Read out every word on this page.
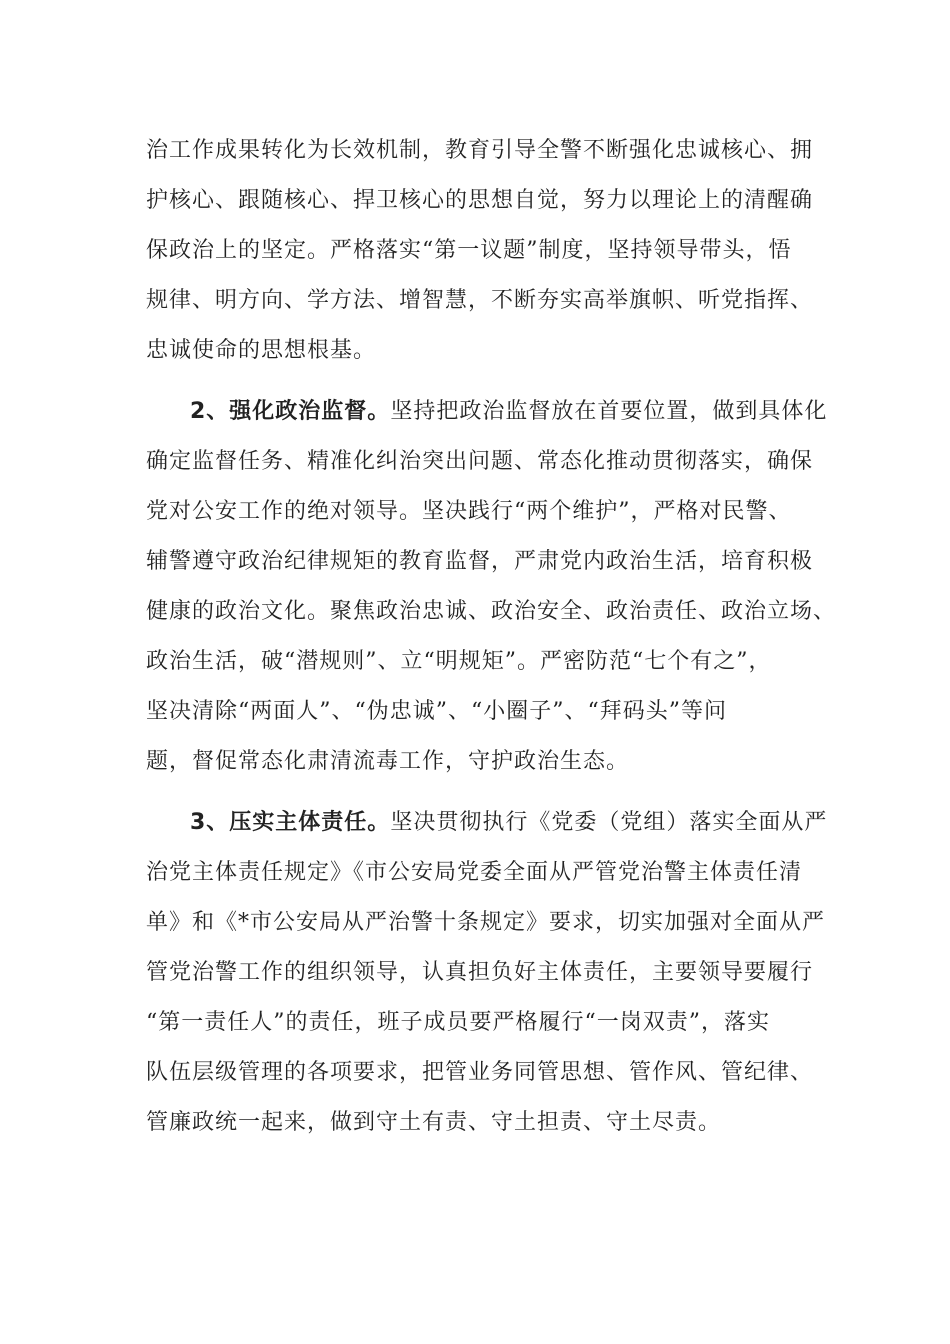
治工作成果转化为长效机制，教育引导全警不断强化忠诚核心、拥
护核心、跟随核心、捍卫核心的思想自觉，努力以理论上的清醒确
保政治上的坚定。严格落实“第一议题”制度，坚持领导带头，悟
规律、明方向、学方法、增智慧，不断夯实高举旗帜、听党指挥、
忠诚使命的思想根基。
2、强化政治监督。坚持把政治监督放在首要位置，做到具体化
确定监督任务、精准化纠治突出问题、常态化推动贯彻落实，确保
党对公安工作的绝对领导。坚决践行“两个维护”，严格对民警、
辅警遵守政治纪律规矩的教育监督，严肃党内政治生活，培育积极
健康的政治文化。聚焦政治忠诚、政治安全、政治责任、政治立场、
政治生活，破“潜规则”、立“明规矩”。严密防范“七个有之”，
坚决清除“两面人”、“伪忠诚”、“小圈子”、“拜码头”等问
题，督促常态化肃清流毒工作，守护政治生态。
3、压实主体责任。坚决贯彻执行《党委（党组）落实全面从严
治党主体责任规定》《市公安局党委全面从严管党治警主体责任清
单》和《*市公安局从严治警十条规定》要求，切实加强对全面从严
管党治警工作的组织领导，认真担负好主体责任，主要领导要履行
“第一责任人”的责任，班子成员要严格履行“一岗双责”，落实
队伍层级管理的各项要求，把管业务同管思想、管作风、管纪律、
管廉政统一起来，做到守土有责、守土担责、守土尽责。
